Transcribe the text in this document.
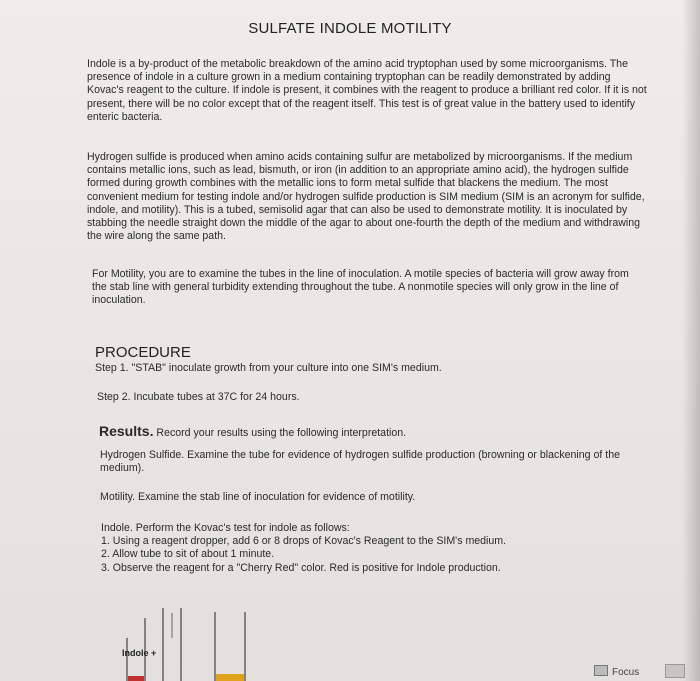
SULFATE INDOLE MOTILITY
Indole is a by-product of the metabolic breakdown of the amino acid tryptophan used by some microorganisms. The presence of indole in a culture grown in a medium containing tryptophan can be readily demonstrated by adding Kovac's reagent to the culture. If indole is present, it combines with the reagent to produce a brilliant red color. If it is not present, there will be no color except that of the reagent itself. This test is of great value in the battery used to identify enteric bacteria.
Hydrogen sulfide is produced when amino acids containing sulfur are metabolized by microorganisms. If the medium contains metallic ions, such as lead, bismuth, or iron (in addition to an appropriate amino acid), the hydrogen sulfide formed during growth combines with the metallic ions to form metal sulfide that blackens the medium. The most convenient medium for testing indole and/or hydrogen sulfide production is SIM medium (SIM is an acronym for sulfide, indole, and motility). This is a tubed, semisolid agar that can also be used to demonstrate motility. It is inoculated by stabbing the needle straight down the middle of the agar to about one-fourth the depth of the medium and withdrawing the wire along the same path.
For Motility, you are to examine the tubes in the line of inoculation. A motile species of bacteria will grow away from the stab line with general turbidity extending throughout the tube. A nonmotile species will only grow in the line of inoculation.
PROCEDURE
Step 1. "STAB" inoculate growth from your culture into one SIM's medium.
Step 2. Incubate tubes at 37C for 24 hours.
Results. Record your results using the following interpretation.
Hydrogen Sulfide. Examine the tube for evidence of hydrogen sulfide production (browning or blackening of the medium).
Motility. Examine the stab line of inoculation for evidence of motility.
Indole. Perform the Kovac's test for indole as follows:
1. Using a reagent dropper, add 6 or 8 drops of Kovac's Reagent to the SIM's medium.
2. Allow tube to sit of about 1 minute.
3. Observe the reagent for a "Cherry Red" color. Red is positive for Indole production.
Indole +
Focus
